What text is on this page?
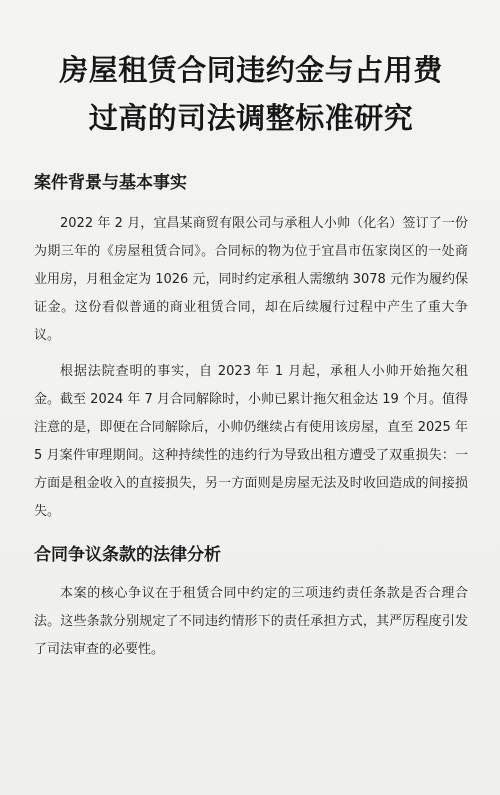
房屋租赁合同违约金与占用费
过高的司法调整标准研究
案件背景与基本事实

2022 年 2 月，宜昌某商贸有限公司与承租人小帅（化名）签订了一份为期三年的《房屋租赁合同》。合同标的物为位于宜昌市伍家岗区的一处商业用房，月租金定为 1026 元，同时约定承租人需缴纳 3078 元作为履约保证金。这份看似普通的商业租赁合同，却在后续履行过程中产生了重大争议。

根据法院查明的事实，自 2023 年 1 月起，承租人小帅开始拖欠租金。截至 2024 年 7 月合同解除时，小帅已累计拖欠租金达 19 个月。值得注意的是，即便在合同解除后，小帅仍继续占有使用该房屋，直至 2025 年 5 月案件审理期间。这种持续性的违约行为导致出租方遭受了双重损失：一方面是租金收入的直接损失，另一方面则是房屋无法及时收回造成的间接损失。

合同争议条款的法律分析

本案的核心争议在于租赁合同中约定的三项违约责任条款是否合理合法。这些条款分别规定了不同违约情形下的责任承担方式，其严厉程度引发了司法审查的必要性。
